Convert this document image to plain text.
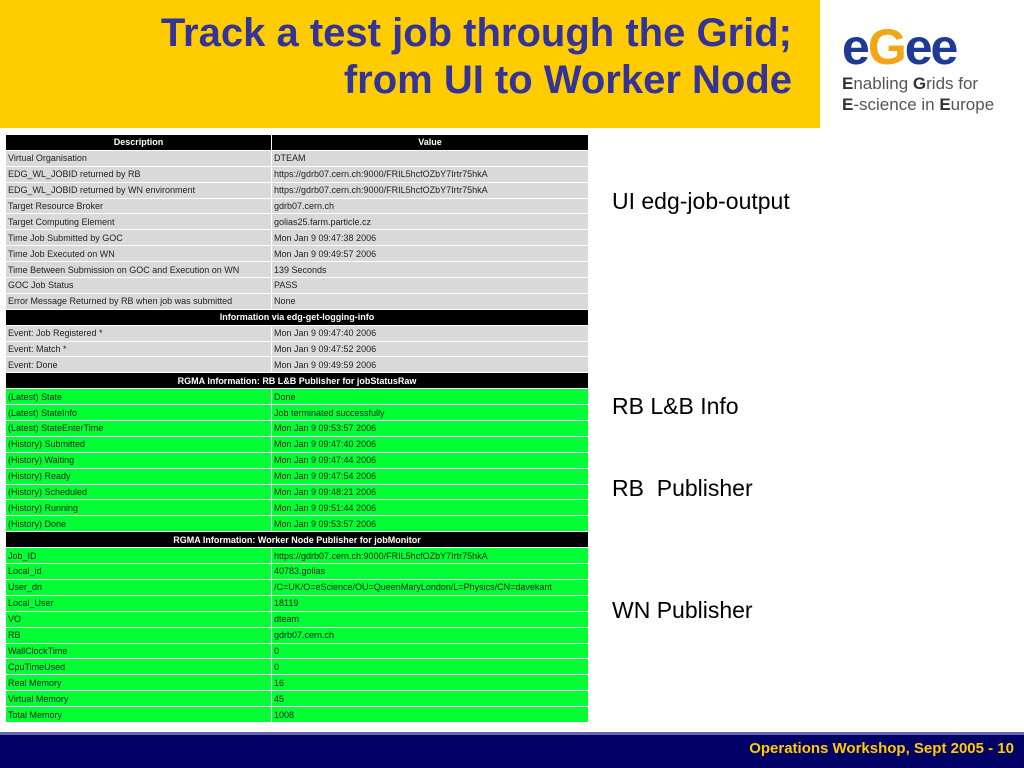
Track a test job through the Grid;
from UI to Worker Node
eGee
Enabling Grids for
E-science in Europe
Description	Value
Virtual Organisation	DTEAM
EDG_WL_JOBID returned by RB	https://gdrb07.cern.ch:9000/FRIL5hcfOZbY7Irtr75hkA
EDG_WL_JOBID returned by WN environment	https://gdrb07.cern.ch:9000/FRIL5hcfOZbY7Irtr75hkA
Target Resource Broker	gdrb07.cern.ch
Target Computing Element	golias25.farm.particle.cz
Time Job Submitted by GOC	Mon Jan 9 09:47:38 2006
Time Job Executed on WN	Mon Jan 9 09:49:57 2006
Time Between Submission on GOC and Execution on WN	139 Seconds
GOC Job Status	PASS
Error Message Returned by RB when job was submitted	None
Information via edg-get-logging-info	
Event: Job Registered *	Mon Jan 9 09:47:40 2006
Event: Match *	Mon Jan 9 09:47:52 2006
Event: Done	Mon Jan 9 09:49:59 2006
RGMA Information: RB L&B Publisher for jobStatusRaw	
(Latest) State	Done
(Latest) StateInfo	Job terminated successfully
(Latest) StateEnterTime	Mon Jan 9 09:53:57 2006
(History) Submitted	Mon Jan 9 09:47:40 2006
(History) Waiting	Mon Jan 9 09:47:44 2006
(History) Ready	Mon Jan 9 09:47:54 2006
(History) Scheduled	Mon Jan 9 09:48:21 2006
(History) Running	Mon Jan 9 09:51:44 2006
(History) Done	Mon Jan 9 09:53:57 2006
RGMA Information: Worker Node Publisher for jobMonitor	
Job_ID	https://gdrb07.cern.ch:9000/FRIL5hcfOZbY7Irtr75hkA
Local_id	40783.golias
User_dn	/C=UK/O=eScience/OU=QueenMaryLondon/L=Physics/CN=davekant
Local_User	18119
VO	dteam
RB	gdrb07.cern.ch
WallClockTime	0
CpuTimeUsed	0
Real Memory	16
Virtual Memory	45
Total Memory	1008
UI edg-job-output
RB L&B Info
RB  Publisher
WN Publisher
Operations Workshop, Sept 2005 - 10
